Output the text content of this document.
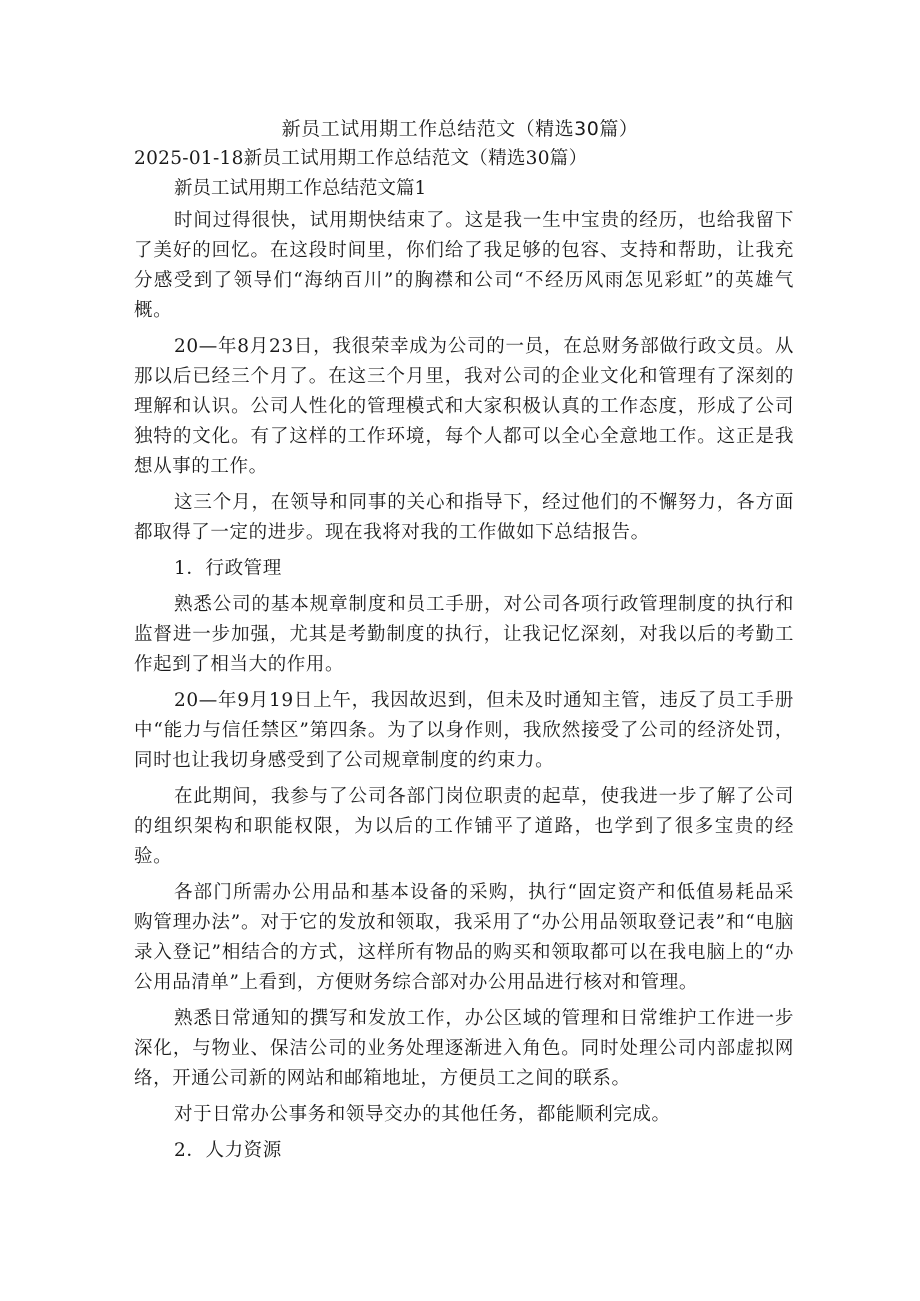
新员工试用期工作总结范文（精选30篇）

2025-01-18新员工试用期工作总结范文（精选30篇）

新员工试用期工作总结范文篇1

时间过得很快，试用期快结束了。这是我一生中宝贵的经历，也给我留下了美好的回忆。在这段时间里，你们给了我足够的包容、支持和帮助，让我充分感受到了领导们“海纳百川”的胸襟和公司“不经历风雨怎见彩虹”的英雄气概。

20—年8月23日，我很荣幸成为公司的一员，在总财务部做行政文员。从那以后已经三个月了。在这三个月里，我对公司的企业文化和管理有了深刻的理解和认识。公司人性化的管理模式和大家积极认真的工作态度，形成了公司独特的文化。有了这样的工作环境，每个人都可以全心全意地工作。这正是我想从事的工作。

这三个月，在领导和同事的关心和指导下，经过他们的不懈努力，各方面都取得了一定的进步。现在我将对我的工作做如下总结报告。

1．行政管理

熟悉公司的基本规章制度和员工手册，对公司各项行政管理制度的执行和监督进一步加强，尤其是考勤制度的执行，让我记忆深刻，对我以后的考勤工作起到了相当大的作用。

20—年9月19日上午，我因故迟到，但未及时通知主管，违反了员工手册中“能力与信任禁区”第四条。为了以身作则，我欣然接受了公司的经济处罚，同时也让我切身感受到了公司规章制度的约束力。

在此期间，我参与了公司各部门岗位职责的起草，使我进一步了解了公司的组织架构和职能权限，为以后的工作铺平了道路，也学到了很多宝贵的经验。

各部门所需办公用品和基本设备的采购，执行“固定资产和低值易耗品采购管理办法”。对于它的发放和领取，我采用了“办公用品领取登记表”和“电脑录入登记”相结合的方式，这样所有物品的购买和领取都可以在我电脑上的“办公用品清单”上看到，方便财务综合部对办公用品进行核对和管理。

熟悉日常通知的撰写和发放工作，办公区域的管理和日常维护工作进一步深化，与物业、保洁公司的业务处理逐渐进入角色。同时处理公司内部虚拟网络，开通公司新的网站和邮箱地址，方便员工之间的联系。

对于日常办公事务和领导交办的其他任务，都能顺利完成。

2．人力资源
